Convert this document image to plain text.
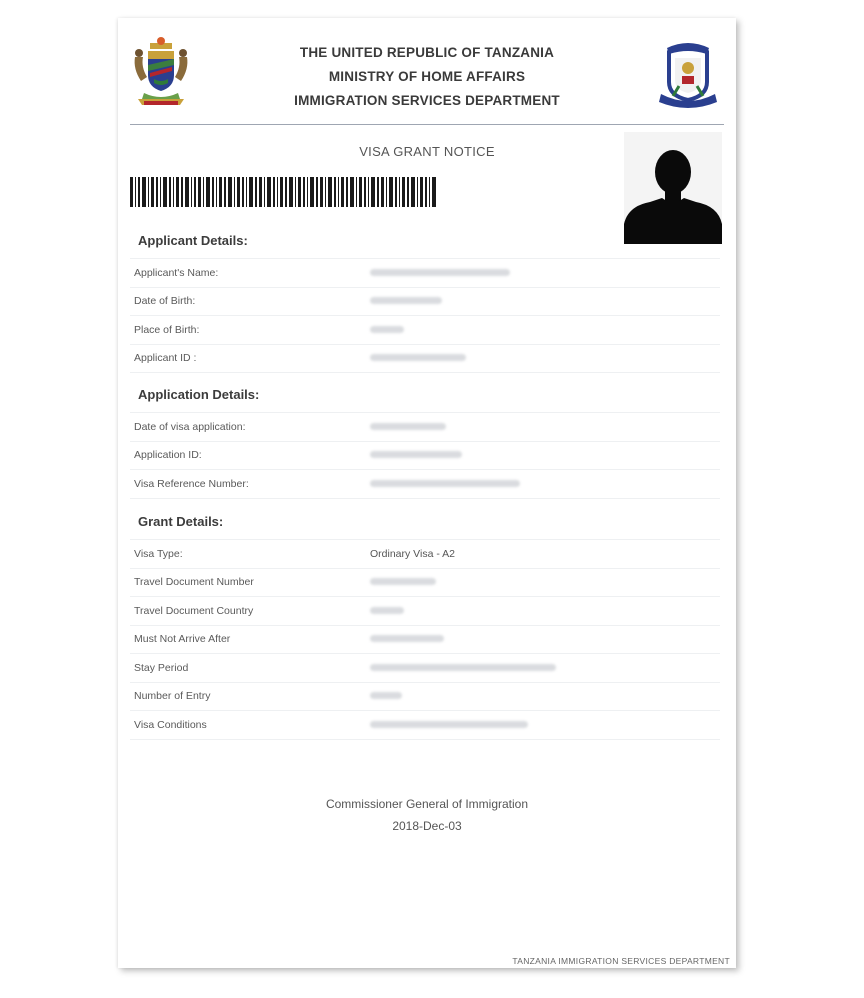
THE UNITED REPUBLIC OF TANZANIA
MINISTRY OF HOME AFFAIRS
IMMIGRATION SERVICES DEPARTMENT
VISA GRANT NOTICE
Applicant Details:
Applicant's Name:
Date of Birth:
Place of Birth:
Applicant ID :
Application Details:
Date of visa application:
Application ID:
Visa Reference Number:
Grant Details:
Visa Type:	Ordinary Visa - A2
Travel Document Number
Travel Document Country
Must Not Arrive After
Stay Period
Number of Entry
Visa Conditions
Commissioner General of Immigration
2018-Dec-03
TANZANIA IMMIGRATION SERVICES DEPARTMENT
